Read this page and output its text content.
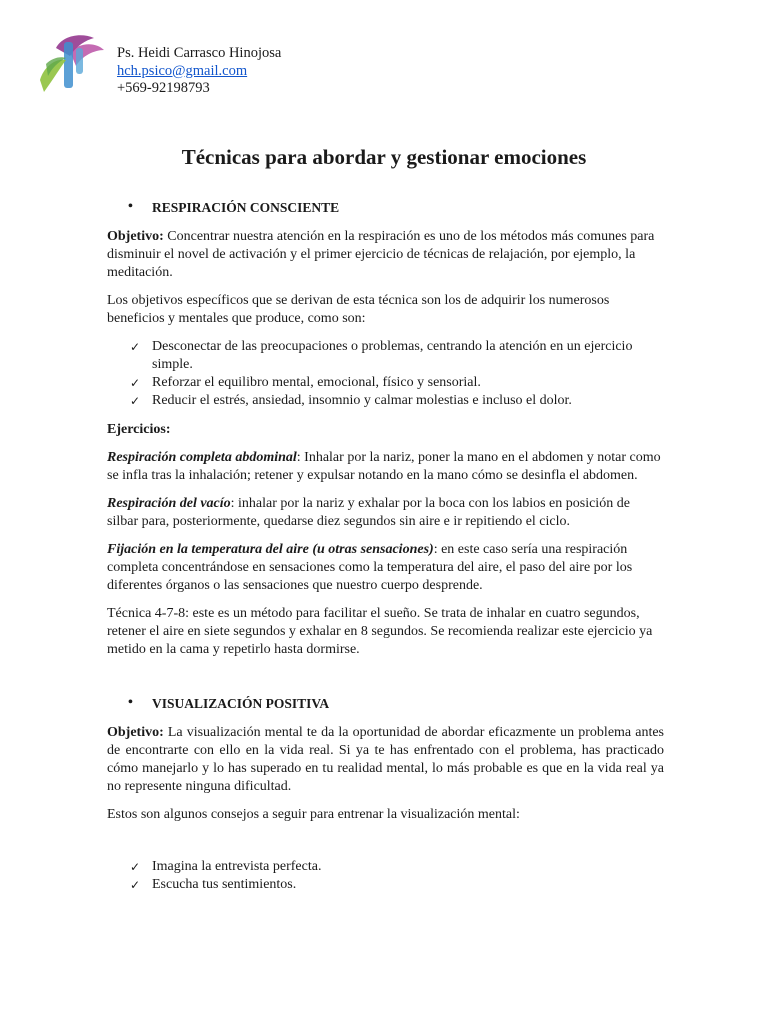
Ps. Heidi Carrasco Hinojosa
hch.psico@gmail.com
+569-92198793
Técnicas para abordar y gestionar emociones
• RESPIRACIÓN CONSCIENTE

Objetivo: Concentrar nuestra atención en la respiración es uno de los métodos más comunes para disminuir el novel de activación y el primer ejercicio de técnicas de relajación, por ejemplo, la meditación.

Los objetivos específicos que se derivan de esta técnica son los de adquirir los numerosos beneficios y mentales que produce, como son:

✓ Desconectar de las preocupaciones o problemas, centrando la atención en un ejercicio simple.
✓ Reforzar el equilibro mental, emocional, físico y sensorial.
✓ Reducir el estrés, ansiedad, insomnio y calmar molestias e incluso el dolor.

Ejercicios:

Respiración completa abdominal: Inhalar por la nariz, poner la mano en el abdomen y notar como se infla tras la inhalación; retener y expulsar notando en la mano cómo se desinfla el abdomen.

Respiración del vacío: inhalar por la nariz y exhalar por la boca con los labios en posición de silbar para, posteriormente, quedarse diez segundos sin aire e ir repitiendo el ciclo.

Fijación en la temperatura del aire (u otras sensaciones): en este caso sería una respiración completa concentrándose en sensaciones como la temperatura del aire, el paso del aire por los diferentes órganos o las sensaciones que nuestro cuerpo desprende.

Técnica 4-7-8: este es un método para facilitar el sueño. Se trata de inhalar en cuatro segundos, retener el aire en siete segundos y exhalar en 8 segundos. Se recomienda realizar este ejercicio ya metido en la cama y repetirlo hasta dormirse.

• VISUALIZACIÓN POSITIVA

Objetivo: La visualización mental te da la oportunidad de abordar eficazmente un problema antes de encontrarte con ello en la vida real. Si ya te has enfrentado con el problema, has practicado cómo manejarlo y lo has superado en tu realidad mental, lo más probable es que en la vida real ya no represente ninguna dificultad.

Estos son algunos consejos a seguir para entrenar la visualización mental:

✓ Imagina la entrevista perfecta.
✓ Escucha tus sentimientos.
